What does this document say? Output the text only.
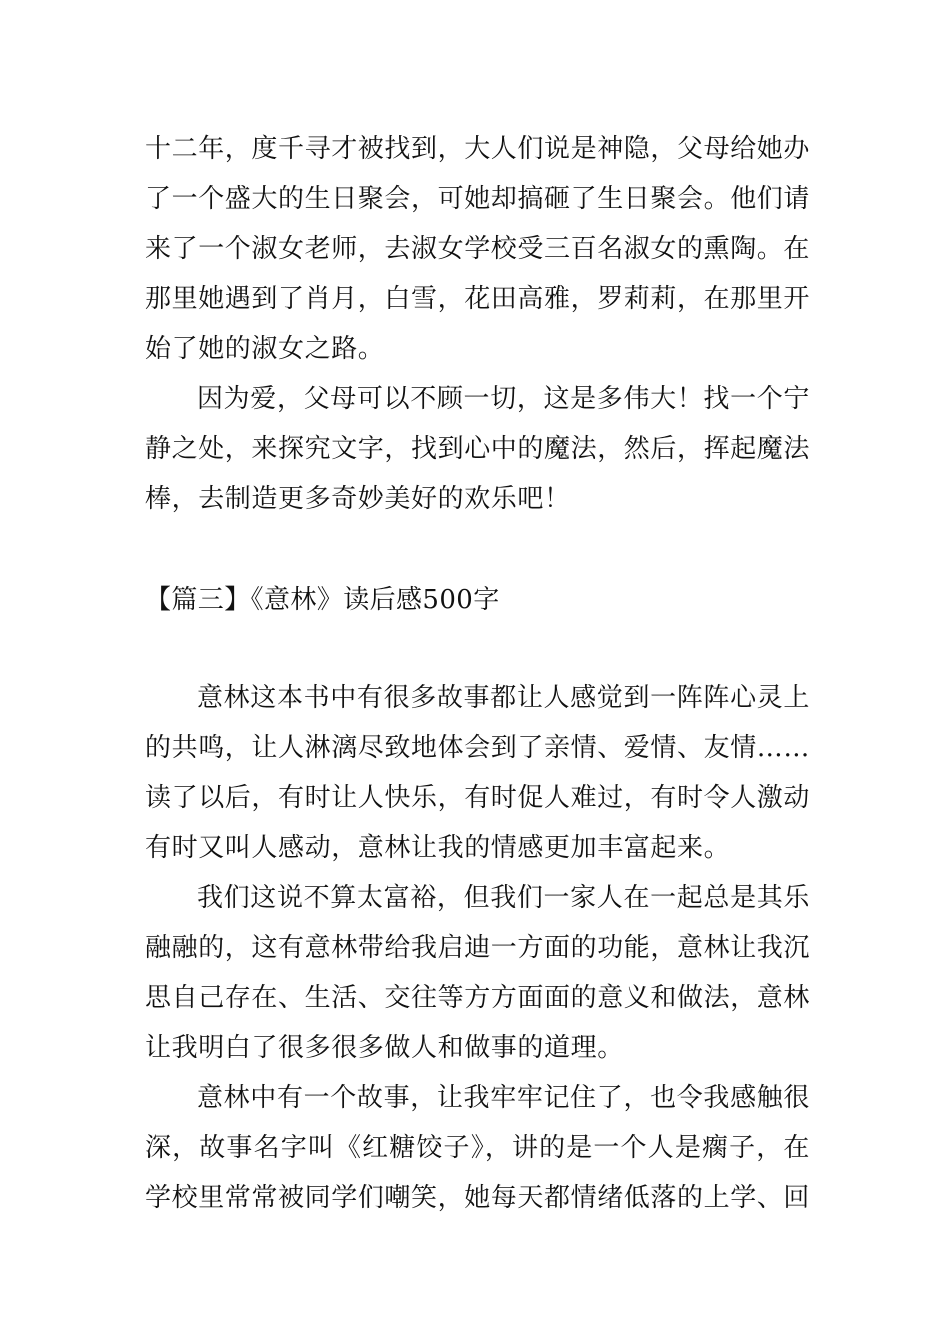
十二年，度千寻才被找到，大人们说是神隐，父母给她办了一个盛大的生日聚会，可她却搞砸了生日聚会。他们请来了一个淑女老师，去淑女学校受三百名淑女的熏陶。在那里她遇到了肖月，白雪，花田高雅，罗莉莉，在那里开始了她的淑女之路。

因为爱，父母可以不顾一切，这是多伟大！找一个宁静之处，来探究文字，找到心中的魔法，然后，挥起魔法棒，去制造更多奇妙美好的欢乐吧！

【篇三】《意林》读后感500字

意林这本书中有很多故事都让人感觉到一阵阵心灵上的共鸣，让人淋漓尽致地体会到了亲情、爱情、友情……读了以后，有时让人快乐，有时促人难过，有时令人激动有时又叫人感动，意林让我的情感更加丰富起来。

我们这说不算太富裕，但我们一家人在一起总是其乐融融的，这有意林带给我启迪一方面的功能，意林让我沉思自己存在、生活、交往等方方面面的意义和做法，意林让我明白了很多很多做人和做事的道理。

意林中有一个故事，让我牢牢记住了，也令我感触很深，故事名字叫《红糖饺子》，讲的是一个人是瘸子，在学校里常常被同学们嘲笑，她每天都情绪低落的上学、回
